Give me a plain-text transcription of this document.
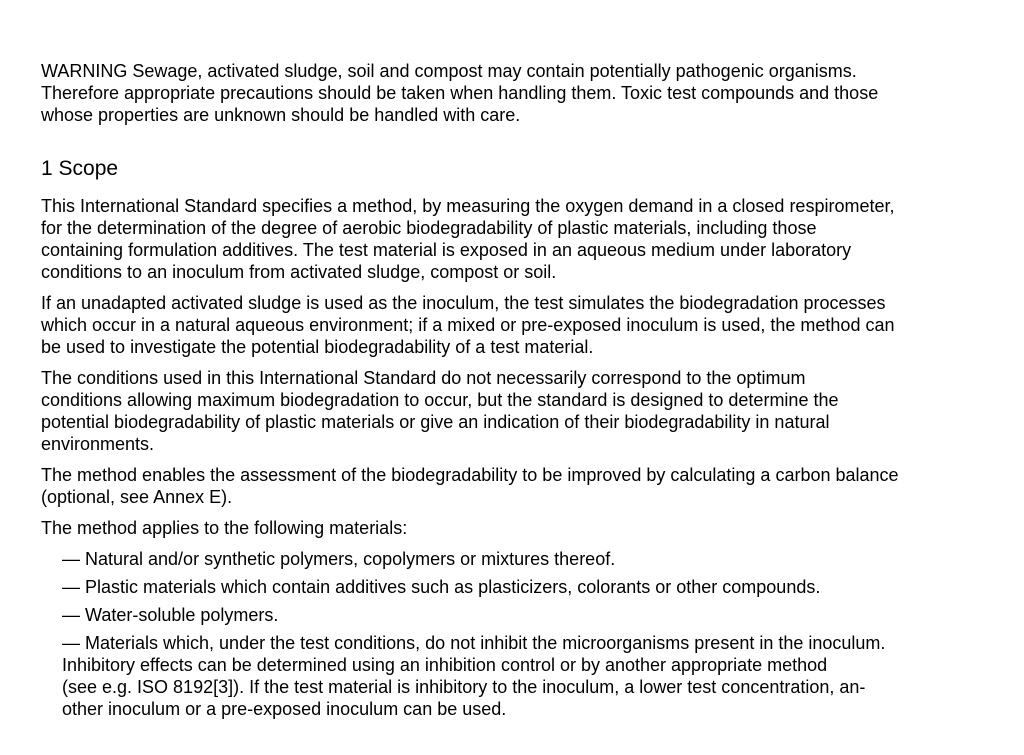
WARNING Sewage, activated sludge, soil and compost may contain potentially pathogenic organisms.
Therefore appropriate precautions should be taken when handling them. Toxic test compounds and those
whose properties are unknown should be handled with care.

1 Scope

This International Standard specifies a method, by measuring the oxygen demand in a closed respirometer,
for the determination of the degree of aerobic biodegradability of plastic materials, including those
containing formulation additives. The test material is exposed in an aqueous medium under laboratory
conditions to an inoculum from activated sludge, compost or soil.

If an unadapted activated sludge is used as the inoculum, the test simulates the biodegradation processes
which occur in a natural aqueous environment; if a mixed or pre-exposed inoculum is used, the method can
be used to investigate the potential biodegradability of a test material.

The conditions used in this International Standard do not necessarily correspond to the optimum
conditions allowing maximum biodegradation to occur, but the standard is designed to determine the
potential biodegradability of plastic materials or give an indication of their biodegradability in natural
environments.

The method enables the assessment of the biodegradability to be improved by calculating a carbon balance
(optional, see Annex E).

The method applies to the following materials:

— Natural and/or synthetic polymers, copolymers or mixtures thereof.
— Plastic materials which contain additives such as plasticizers, colorants or other compounds.
— Water-soluble polymers.
— Materials which, under the test conditions, do not inhibit the microorganisms present in the inoculum.
Inhibitory effects can be determined using an inhibition control or by another appropriate method
(see e.g. ISO 8192[3]). If the test material is inhibitory to the inoculum, a lower test concentration, an-
other inoculum or a pre-exposed inoculum can be used.
